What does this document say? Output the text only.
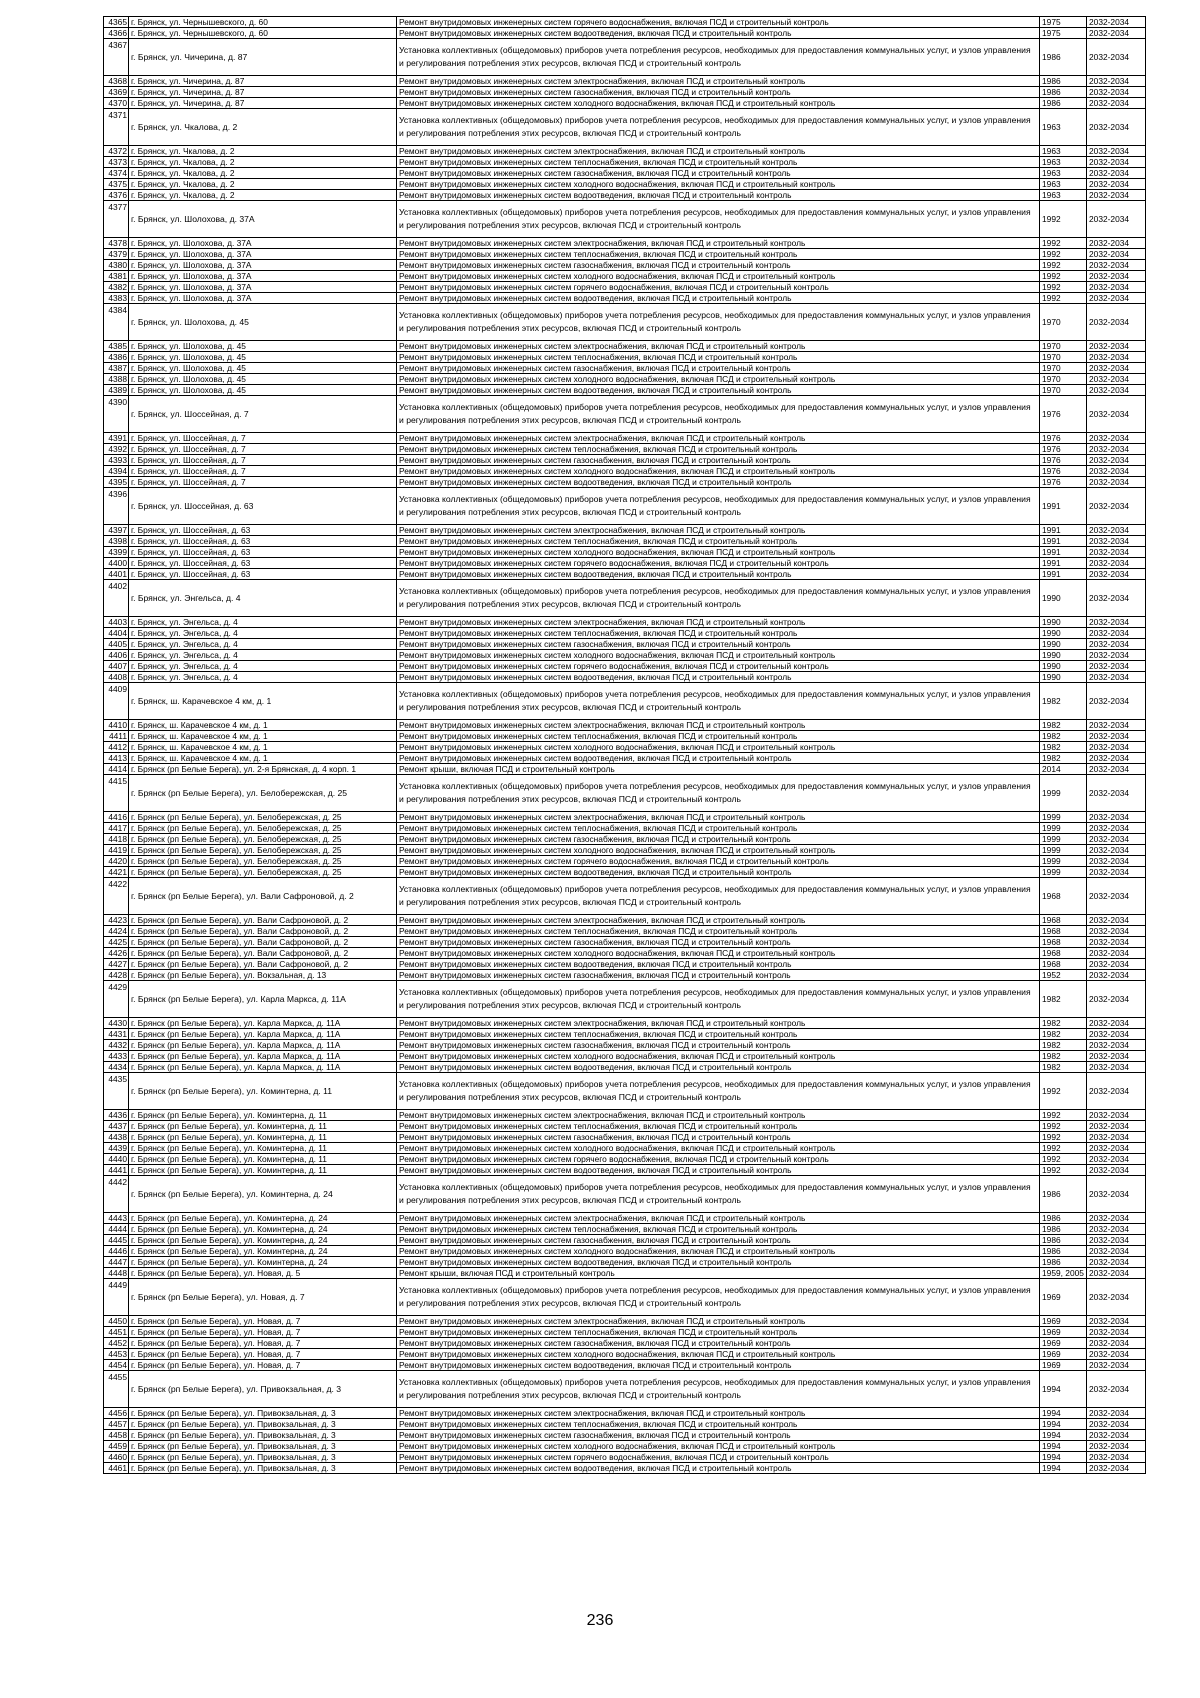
4365	г. Брянск, ул. Чернышевского, д. 60	Ремонт внутридомовых инженерных систем горячего водоснабжения, включая ПСД и строительный контроль	1975	2032-2034
4366	г. Брянск, ул. Чернышевского, д. 60	Ремонт внутридомовых инженерных систем водоотведения, включая ПСД и строительный контроль	1975	2032-2034
4367	г. Брянск, ул. Чичерина, д. 87	Установка коллективных (общедомовых) приборов учета потребления ресурсов, необходимых для предоставления коммунальных услуг, и узлов управления и регулирования потребления этих ресурсов, включая ПСД и строительный контроль	1986	2032-2034
4368	г. Брянск, ул. Чичерина, д. 87	Ремонт внутридомовых инженерных систем электроснабжения, включая ПСД и строительный контроль	1986	2032-2034
4369	г. Брянск, ул. Чичерина, д. 87	Ремонт внутридомовых инженерных систем газоснабжения, включая ПСД и строительный контроль	1986	2032-2034
4370	г. Брянск, ул. Чичерина, д. 87	Ремонт внутридомовых инженерных систем холодного водоснабжения, включая ПСД и строительный контроль	1986	2032-2034
4371	г. Брянск, ул. Чкалова, д. 2	Установка коллективных (общедомовых) приборов учета потребления ресурсов, необходимых для предоставления коммунальных услуг, и узлов управления и регулирования потребления этих ресурсов, включая ПСД и строительный контроль	1963	2032-2034
4372	г. Брянск, ул. Чкалова, д. 2	Ремонт внутридомовых инженерных систем электроснабжения, включая ПСД и строительный контроль	1963	2032-2034
4373	г. Брянск, ул. Чкалова, д. 2	Ремонт внутридомовых инженерных систем теплоснабжения, включая ПСД и строительный контроль	1963	2032-2034
4374	г. Брянск, ул. Чкалова, д. 2	Ремонт внутридомовых инженерных систем газоснабжения, включая ПСД и строительный контроль	1963	2032-2034
4375	г. Брянск, ул. Чкалова, д. 2	Ремонт внутридомовых инженерных систем холодного водоснабжения, включая ПСД и строительный контроль	1963	2032-2034
4376	г. Брянск, ул. Чкалова, д. 2	Ремонт внутридомовых инженерных систем водоотведения, включая ПСД и строительный контроль	1963	2032-2034
4377	г. Брянск, ул. Шолохова, д. 37А	Установка коллективных (общедомовых) приборов учета потребления ресурсов, необходимых для предоставления коммунальных услуг, и узлов управления и регулирования потребления этих ресурсов, включая ПСД и строительный контроль	1992	2032-2034
4378	г. Брянск, ул. Шолохова, д. 37А	Ремонт внутридомовых инженерных систем электроснабжения, включая ПСД и строительный контроль	1992	2032-2034
4379	г. Брянск, ул. Шолохова, д. 37А	Ремонт внутридомовых инженерных систем теплоснабжения, включая ПСД и строительный контроль	1992	2032-2034
4380	г. Брянск, ул. Шолохова, д. 37А	Ремонт внутридомовых инженерных систем газоснабжения, включая ПСД и строительный контроль	1992	2032-2034
4381	г. Брянск, ул. Шолохова, д. 37А	Ремонт внутридомовых инженерных систем холодного водоснабжения, включая ПСД и строительный контроль	1992	2032-2034
4382	г. Брянск, ул. Шолохова, д. 37А	Ремонт внутридомовых инженерных систем горячего водоснабжения, включая ПСД и строительный контроль	1992	2032-2034
4383	г. Брянск, ул. Шолохова, д. 37А	Ремонт внутридомовых инженерных систем водоотведения, включая ПСД и строительный контроль	1992	2032-2034
4384	г. Брянск, ул. Шолохова, д. 45	Установка коллективных (общедомовых) приборов учета потребления ресурсов, необходимых для предоставления коммунальных услуг, и узлов управления и регулирования потребления этих ресурсов, включая ПСД и строительный контроль	1970	2032-2034
4385	г. Брянск, ул. Шолохова, д. 45	Ремонт внутридомовых инженерных систем электроснабжения, включая ПСД и строительный контроль	1970	2032-2034
4386	г. Брянск, ул. Шолохова, д. 45	Ремонт внутридомовых инженерных систем теплоснабжения, включая ПСД и строительный контроль	1970	2032-2034
4387	г. Брянск, ул. Шолохова, д. 45	Ремонт внутридомовых инженерных систем газоснабжения, включая ПСД и строительный контроль	1970	2032-2034
4388	г. Брянск, ул. Шолохова, д. 45	Ремонт внутридомовых инженерных систем холодного водоснабжения, включая ПСД и строительный контроль	1970	2032-2034
4389	г. Брянск, ул. Шолохова, д. 45	Ремонт внутридомовых инженерных систем водоотведения, включая ПСД и строительный контроль	1970	2032-2034
4390	г. Брянск, ул. Шоссейная, д. 7	Установка коллективных (общедомовых) приборов учета потребления ресурсов, необходимых для предоставления коммунальных услуг, и узлов управления и регулирования потребления этих ресурсов, включая ПСД и строительный контроль	1976	2032-2034
4391	г. Брянск, ул. Шоссейная, д. 7	Ремонт внутридомовых инженерных систем электроснабжения, включая ПСД и строительный контроль	1976	2032-2034
4392	г. Брянск, ул. Шоссейная, д. 7	Ремонт внутридомовых инженерных систем теплоснабжения, включая ПСД и строительный контроль	1976	2032-2034
4393	г. Брянск, ул. Шоссейная, д. 7	Ремонт внутридомовых инженерных систем газоснабжения, включая ПСД и строительный контроль	1976	2032-2034
4394	г. Брянск, ул. Шоссейная, д. 7	Ремонт внутридомовых инженерных систем холодного водоснабжения, включая ПСД и строительный контроль	1976	2032-2034
4395	г. Брянск, ул. Шоссейная, д. 7	Ремонт внутридомовых инженерных систем водоотведения, включая ПСД и строительный контроль	1976	2032-2034
4396	г. Брянск, ул. Шоссейная, д. 63	Установка коллективных (общедомовых) приборов учета потребления ресурсов, необходимых для предоставления коммунальных услуг, и узлов управления и регулирования потребления этих ресурсов, включая ПСД и строительный контроль	1991	2032-2034
4397	г. Брянск, ул. Шоссейная, д. 63	Ремонт внутридомовых инженерных систем электроснабжения, включая ПСД и строительный контроль	1991	2032-2034
4398	г. Брянск, ул. Шоссейная, д. 63	Ремонт внутридомовых инженерных систем теплоснабжения, включая ПСД и строительный контроль	1991	2032-2034
4399	г. Брянск, ул. Шоссейная, д. 63	Ремонт внутридомовых инженерных систем холодного водоснабжения, включая ПСД и строительный контроль	1991	2032-2034
4400	г. Брянск, ул. Шоссейная, д. 63	Ремонт внутридомовых инженерных систем горячего водоснабжения, включая ПСД и строительный контроль	1991	2032-2034
4401	г. Брянск, ул. Шоссейная, д. 63	Ремонт внутридомовых инженерных систем водоотведения, включая ПСД и строительный контроль	1991	2032-2034
4402	г. Брянск, ул. Энгельса, д. 4	Установка коллективных (общедомовых) приборов учета потребления ресурсов, необходимых для предоставления коммунальных услуг, и узлов управления и регулирования потребления этих ресурсов, включая ПСД и строительный контроль	1990	2032-2034
4403	г. Брянск, ул. Энгельса, д. 4	Ремонт внутридомовых инженерных систем электроснабжения, включая ПСД и строительный контроль	1990	2032-2034
4404	г. Брянск, ул. Энгельса, д. 4	Ремонт внутридомовых инженерных систем теплоснабжения, включая ПСД и строительный контроль	1990	2032-2034
4405	г. Брянск, ул. Энгельса, д. 4	Ремонт внутридомовых инженерных систем газоснабжения, включая ПСД и строительный контроль	1990	2032-2034
4406	г. Брянск, ул. Энгельса, д. 4	Ремонт внутридомовых инженерных систем холодного водоснабжения, включая ПСД и строительный контроль	1990	2032-2034
4407	г. Брянск, ул. Энгельса, д. 4	Ремонт внутридомовых инженерных систем горячего водоснабжения, включая ПСД и строительный контроль	1990	2032-2034
4408	г. Брянск, ул. Энгельса, д. 4	Ремонт внутридомовых инженерных систем водоотведения, включая ПСД и строительный контроль	1990	2032-2034
4409	г. Брянск, ш. Карачевское 4 км, д. 1	Установка коллективных (общедомовых) приборов учета потребления ресурсов, необходимых для предоставления коммунальных услуг, и узлов управления и регулирования потребления этих ресурсов, включая ПСД и строительный контроль	1982	2032-2034
4410	г. Брянск, ш. Карачевское 4 км, д. 1	Ремонт внутридомовых инженерных систем электроснабжения, включая ПСД и строительный контроль	1982	2032-2034
4411	г. Брянск, ш. Карачевское 4 км, д. 1	Ремонт внутридомовых инженерных систем теплоснабжения, включая ПСД и строительный контроль	1982	2032-2034
4412	г. Брянск, ш. Карачевское 4 км, д. 1	Ремонт внутридомовых инженерных систем холодного водоснабжения, включая ПСД и строительный контроль	1982	2032-2034
4413	г. Брянск, ш. Карачевское 4 км, д. 1	Ремонт внутридомовых инженерных систем водоотведения, включая ПСД и строительный контроль	1982	2032-2034
4414	г. Брянск (рп Белые Берега), ул. 2-я Брянская, д. 4 корп. 1	Ремонт крыши, включая ПСД и строительный контроль	2014	2032-2034
4415	г. Брянск (рп Белые Берега), ул. Белобережская, д. 25	Установка коллективных (общедомовых) приборов учета потребления ресурсов, необходимых для предоставления коммунальных услуг, и узлов управления и регулирования потребления этих ресурсов, включая ПСД и строительный контроль	1999	2032-2034
4416	г. Брянск (рп Белые Берега), ул. Белобережская, д. 25	Ремонт внутридомовых инженерных систем электроснабжения, включая ПСД и строительный контроль	1999	2032-2034
4417	г. Брянск (рп Белые Берега), ул. Белобережская, д. 25	Ремонт внутридомовых инженерных систем теплоснабжения, включая ПСД и строительный контроль	1999	2032-2034
4418	г. Брянск (рп Белые Берега), ул. Белобережская, д. 25	Ремонт внутридомовых инженерных систем газоснабжения, включая ПСД и строительный контроль	1999	2032-2034
4419	г. Брянск (рп Белые Берега), ул. Белобережская, д. 25	Ремонт внутридомовых инженерных систем холодного водоснабжения, включая ПСД и строительный контроль	1999	2032-2034
4420	г. Брянск (рп Белые Берега), ул. Белобережская, д. 25	Ремонт внутридомовых инженерных систем горячего водоснабжения, включая ПСД и строительный контроль	1999	2032-2034
4421	г. Брянск (рп Белые Берега), ул. Белобережская, д. 25	Ремонт внутридомовых инженерных систем водоотведения, включая ПСД и строительный контроль	1999	2032-2034
4422	г. Брянск (рп Белые Берега), ул. Вали Сафроновой, д. 2	Установка коллективных (общедомовых) приборов учета потребления ресурсов, необходимых для предоставления коммунальных услуг, и узлов управления и регулирования потребления этих ресурсов, включая ПСД и строительный контроль	1968	2032-2034
4423	г. Брянск (рп Белые Берега), ул. Вали Сафроновой, д. 2	Ремонт внутридомовых инженерных систем электроснабжения, включая ПСД и строительный контроль	1968	2032-2034
4424	г. Брянск (рп Белые Берега), ул. Вали Сафроновой, д. 2	Ремонт внутридомовых инженерных систем теплоснабжения, включая ПСД и строительный контроль	1968	2032-2034
4425	г. Брянск (рп Белые Берега), ул. Вали Сафроновой, д. 2	Ремонт внутридомовых инженерных систем газоснабжения, включая ПСД и строительный контроль	1968	2032-2034
4426	г. Брянск (рп Белые Берега), ул. Вали Сафроновой, д. 2	Ремонт внутридомовых инженерных систем холодного водоснабжения, включая ПСД и строительный контроль	1968	2032-2034
4427	г. Брянск (рп Белые Берега), ул. Вали Сафроновой, д. 2	Ремонт внутридомовых инженерных систем водоотведения, включая ПСД и строительный контроль	1968	2032-2034
4428	г. Брянск (рп Белые Берега), ул. Вокзальная, д. 13	Ремонт внутридомовых инженерных систем газоснабжения, включая ПСД и строительный контроль	1952	2032-2034
4429	г. Брянск (рп Белые Берега), ул. Карла Маркса, д. 11А	Установка коллективных (общедомовых) приборов учета потребления ресурсов, необходимых для предоставления коммунальных услуг, и узлов управления и регулирования потребления этих ресурсов, включая ПСД и строительный контроль	1982	2032-2034
4430	г. Брянск (рп Белые Берега), ул. Карла Маркса, д. 11А	Ремонт внутридомовых инженерных систем электроснабжения, включая ПСД и строительный контроль	1982	2032-2034
4431	г. Брянск (рп Белые Берега), ул. Карла Маркса, д. 11А	Ремонт внутридомовых инженерных систем теплоснабжения, включая ПСД и строительный контроль	1982	2032-2034
4432	г. Брянск (рп Белые Берега), ул. Карла Маркса, д. 11А	Ремонт внутридомовых инженерных систем газоснабжения, включая ПСД и строительный контроль	1982	2032-2034
4433	г. Брянск (рп Белые Берега), ул. Карла Маркса, д. 11А	Ремонт внутридомовых инженерных систем холодного водоснабжения, включая ПСД и строительный контроль	1982	2032-2034
4434	г. Брянск (рп Белые Берега), ул. Карла Маркса, д. 11А	Ремонт внутридомовых инженерных систем водоотведения, включая ПСД и строительный контроль	1982	2032-2034
4435	г. Брянск (рп Белые Берега), ул. Коминтерна, д. 11	Установка коллективных (общедомовых) приборов учета потребления ресурсов, необходимых для предоставления коммунальных услуг, и узлов управления и регулирования потребления этих ресурсов, включая ПСД и строительный контроль	1992	2032-2034
4436	г. Брянск (рп Белые Берега), ул. Коминтерна, д. 11	Ремонт внутридомовых инженерных систем электроснабжения, включая ПСД и строительный контроль	1992	2032-2034
4437	г. Брянск (рп Белые Берега), ул. Коминтерна, д. 11	Ремонт внутридомовых инженерных систем теплоснабжения, включая ПСД и строительный контроль	1992	2032-2034
4438	г. Брянск (рп Белые Берега), ул. Коминтерна, д. 11	Ремонт внутридомовых инженерных систем газоснабжения, включая ПСД и строительный контроль	1992	2032-2034
4439	г. Брянск (рп Белые Берега), ул. Коминтерна, д. 11	Ремонт внутридомовых инженерных систем холодного водоснабжения, включая ПСД и строительный контроль	1992	2032-2034
4440	г. Брянск (рп Белые Берега), ул. Коминтерна, д. 11	Ремонт внутридомовых инженерных систем горячего водоснабжения, включая ПСД и строительный контроль	1992	2032-2034
4441	г. Брянск (рп Белые Берега), ул. Коминтерна, д. 11	Ремонт внутридомовых инженерных систем водоотведения, включая ПСД и строительный контроль	1992	2032-2034
4442	г. Брянск (рп Белые Берега), ул. Коминтерна, д. 24	Установка коллективных (общедомовых) приборов учета потребления ресурсов, необходимых для предоставления коммунальных услуг, и узлов управления и регулирования потребления этих ресурсов, включая ПСД и строительный контроль	1986	2032-2034
4443	г. Брянск (рп Белые Берега), ул. Коминтерна, д. 24	Ремонт внутридомовых инженерных систем электроснабжения, включая ПСД и строительный контроль	1986	2032-2034
4444	г. Брянск (рп Белые Берега), ул. Коминтерна, д. 24	Ремонт внутридомовых инженерных систем теплоснабжения, включая ПСД и строительный контроль	1986	2032-2034
4445	г. Брянск (рп Белые Берега), ул. Коминтерна, д. 24	Ремонт внутридомовых инженерных систем газоснабжения, включая ПСД и строительный контроль	1986	2032-2034
4446	г. Брянск (рп Белые Берега), ул. Коминтерна, д. 24	Ремонт внутридомовых инженерных систем холодного водоснабжения, включая ПСД и строительный контроль	1986	2032-2034
4447	г. Брянск (рп Белые Берега), ул. Коминтерна, д. 24	Ремонт внутридомовых инженерных систем водоотведения, включая ПСД и строительный контроль	1986	2032-2034
4448	г. Брянск (рп Белые Берега), ул. Новая, д. 5	Ремонт крыши, включая ПСД и строительный контроль	1959, 2005	2032-2034
4449	г. Брянск (рп Белые Берега), ул. Новая, д. 7	Установка коллективных (общедомовых) приборов учета потребления ресурсов, необходимых для предоставления коммунальных услуг, и узлов управления и регулирования потребления этих ресурсов, включая ПСД и строительный контроль	1969	2032-2034
4450	г. Брянск (рп Белые Берега), ул. Новая, д. 7	Ремонт внутридомовых инженерных систем электроснабжения, включая ПСД и строительный контроль	1969	2032-2034
4451	г. Брянск (рп Белые Берега), ул. Новая, д. 7	Ремонт внутридомовых инженерных систем теплоснабжения, включая ПСД и строительный контроль	1969	2032-2034
4452	г. Брянск (рп Белые Берега), ул. Новая, д. 7	Ремонт внутридомовых инженерных систем газоснабжения, включая ПСД и строительный контроль	1969	2032-2034
4453	г. Брянск (рп Белые Берега), ул. Новая, д. 7	Ремонт внутридомовых инженерных систем холодного водоснабжения, включая ПСД и строительный контроль	1969	2032-2034
4454	г. Брянск (рп Белые Берега), ул. Новая, д. 7	Ремонт внутридомовых инженерных систем водоотведения, включая ПСД и строительный контроль	1969	2032-2034
4455	г. Брянск (рп Белые Берега), ул. Привокзальная, д. 3	Установка коллективных (общедомовых) приборов учета потребления ресурсов, необходимых для предоставления коммунальных услуг, и узлов управления и регулирования потребления этих ресурсов, включая ПСД и строительный контроль	1994	2032-2034
4456	г. Брянск (рп Белые Берега), ул. Привокзальная, д. 3	Ремонт внутридомовых инженерных систем электроснабжения, включая ПСД и строительный контроль	1994	2032-2034
4457	г. Брянск (рп Белые Берега), ул. Привокзальная, д. 3	Ремонт внутридомовых инженерных систем теплоснабжения, включая ПСД и строительный контроль	1994	2032-2034
4458	г. Брянск (рп Белые Берега), ул. Привокзальная, д. 3	Ремонт внутридомовых инженерных систем газоснабжения, включая ПСД и строительный контроль	1994	2032-2034
4459	г. Брянск (рп Белые Берега), ул. Привокзальная, д. 3	Ремонт внутридомовых инженерных систем холодного водоснабжения, включая ПСД и строительный контроль	1994	2032-2034
4460	г. Брянск (рп Белые Берега), ул. Привокзальная, д. 3	Ремонт внутридомовых инженерных систем горячего водоснабжения, включая ПСД и строительный контроль	1994	2032-2034
4461	г. Брянск (рп Белые Берега), ул. Привокзальная, д. 3	Ремонт внутридомовых инженерных систем водоотведения, включая ПСД и строительный контроль	1994	2032-2034
236
